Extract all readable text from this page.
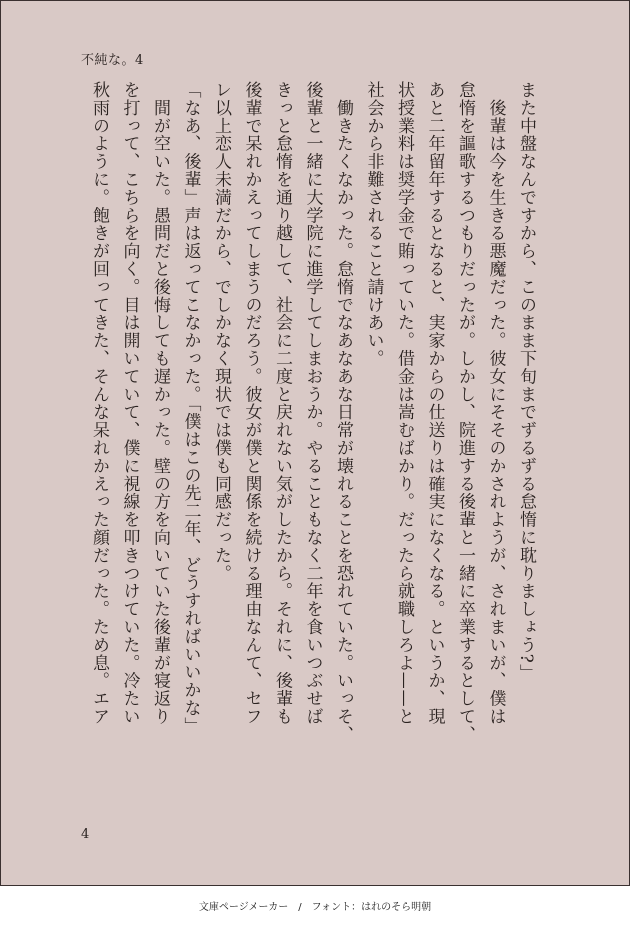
不純な。4

また中盤なんですから、このまま下旬までずるずる怠惰に耽りましょう?」

　後輩は今を生きる悪魔だった。彼女にそそのかされようが、されまいが、僕は

怠惰を謳歌するつもりだったが。しかし、院進する後輩と一緒に卒業するとして、

あと二年留年するとなると、実家からの仕送りは確実になくなる。というか、現

状授業料は奨学金で賄っていた。借金は嵩むばかり。だったら就職しろよ——と

社会から非難されること請けあい。

　働きたくなかった。怠惰でなあなあな日常が壊れることを恐れていた。いっそ、

後輩と一緒に大学院に進学してしまおうか。やることもなく二年を食いつぶせば

きっと怠惰を通り越して、社会に二度と戻れない気がしたから。それに、後輩も

後輩で呆れかえってしまうのだろう。彼女が僕と関係を続ける理由なんて、セフ

レ以上恋人未満だから、でしかなく現状では僕も同感だった。

「なあ、後輩」声は返ってこなかった。「僕はこの先二年、どうすればいいかな」

　間が空いた。愚問だと後悔しても遅かった。壁の方を向いていた後輩が寝返り

を打って、こちらを向く。目は開いていて、僕に視線を叩きつけていた。冷たい

秋雨のように。飽きが回ってきた、そんな呆れかえった顔だった。ため息。エア

4
文庫ページメーカー　/　フォント：はれのそら明朝
